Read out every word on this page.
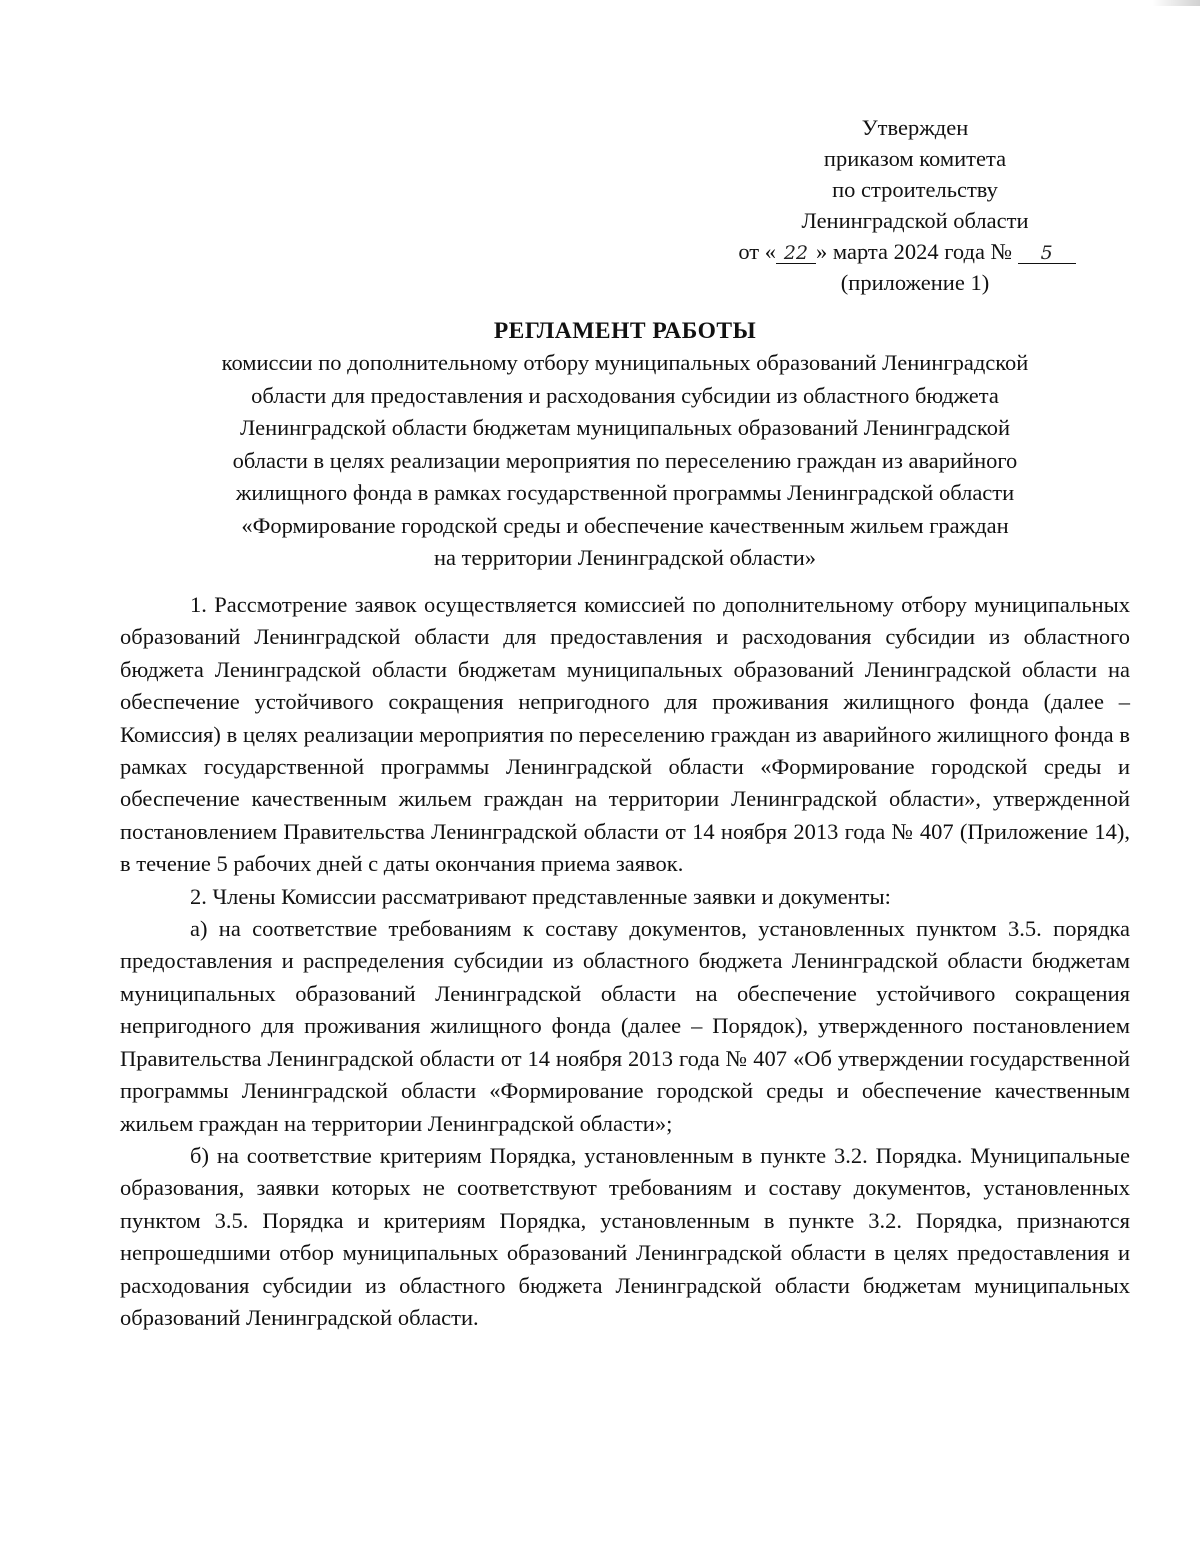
Утвержден
приказом комитета
по строительству
Ленинградской области
от « 22 » марта 2024 года № 5
(приложение 1)
РЕГЛАМЕНТ РАБОТЫ
комиссии по дополнительному отбору муниципальных образований Ленинградской
области для предоставления и расходования субсидии из областного бюджета
Ленинградской области бюджетам муниципальных образований Ленинградской
области в целях реализации мероприятия по переселению граждан из аварийного
жилищного фонда в рамках государственной программы Ленинградской области
«Формирование городской среды и обеспечение качественным жильем граждан
на территории Ленинградской области»

1. Рассмотрение заявок осуществляется комиссией по дополнительному отбору муниципальных образований Ленинградской области для предоставления и расходования субсидии из областного бюджета Ленинградской области бюджетам муниципальных образований Ленинградской области на обеспечение устойчивого сокращения непригодного для проживания жилищного фонда (далее – Комиссия) в целях реализации мероприятия по переселению граждан из аварийного жилищного фонда в рамках государственной программы Ленинградской области «Формирование городской среды и обеспечение качественным жильем граждан на территории Ленинградской области», утвержденной постановлением Правительства Ленинградской области от 14 ноября 2013 года № 407 (Приложение 14), в течение 5 рабочих дней с даты окончания приема заявок.

2. Члены Комиссии рассматривают представленные заявки и документы:

а) на соответствие требованиям к составу документов, установленных пунктом 3.5. порядка предоставления и распределения субсидии из областного бюджета Ленинградской области бюджетам муниципальных образований Ленинградской области на обеспечение устойчивого сокращения непригодного для проживания жилищного фонда (далее – Порядок), утвержденного постановлением Правительства Ленинградской области от 14 ноября 2013 года № 407 «Об утверждении государственной программы Ленинградской области «Формирование городской среды и обеспечение качественным жильем граждан на территории Ленинградской области»;

б) на соответствие критериям Порядка, установленным в пункте 3.2. Порядка. Муниципальные образования, заявки которых не соответствуют требованиям и составу документов, установленных пунктом 3.5. Порядка и критериям Порядка, установленным в пункте 3.2. Порядка, признаются непрошедшими отбор муниципальных образований Ленинградской области в целях предоставления и расходования субсидии из областного бюджета Ленинградской области бюджетам муниципальных образований Ленинградской области.
